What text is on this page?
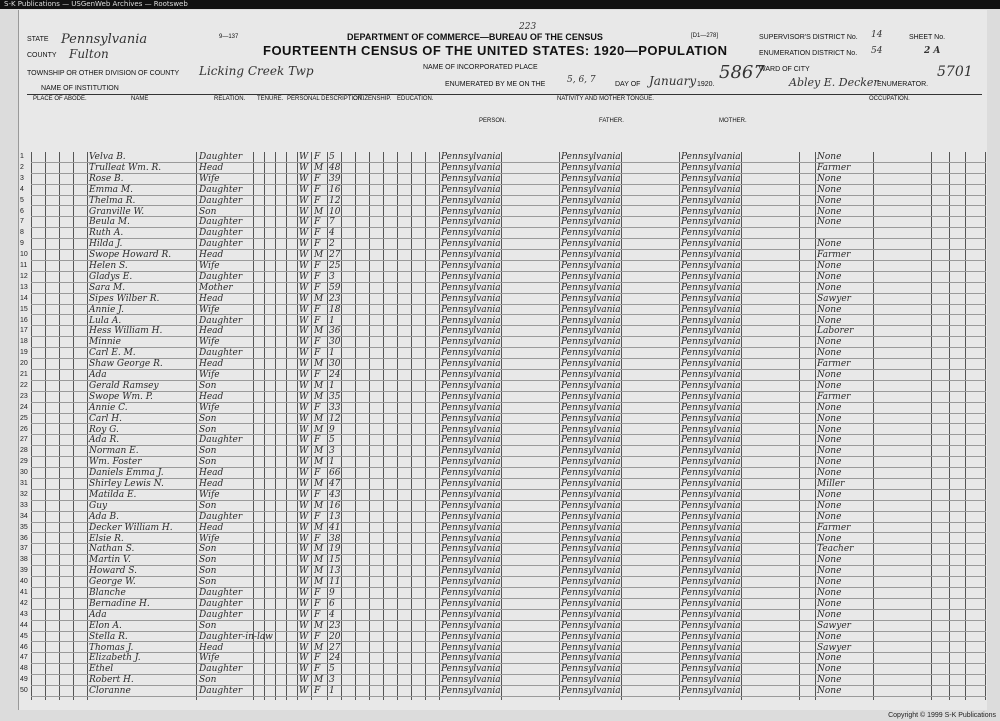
S-K Publications — USGenWeb Archives — Rootsweb
STATE Pennsylvania
COUNTY Fulton
TOWNSHIP OR OTHER DIVISION OF COUNTY Licking Creek Twp
NAME OF INSTITUTION
9—137	DEPARTMENT OF COMMERCE—BUREAU OF THE CENSUS	[D1—278]
223
FOURTEENTH CENSUS OF THE UNITED STATES: 1920—POPULATION
NAME OF INCORPORATED PLACE
ENUMERATED BY ME ON THE 5, 6, 7	DAY OF January 1920.
5867 Abley E. Decker
ENUMERATOR.
SUPERVISOR'S DISTRICT No. 14	SHEET No.
ENUMERATION DISTRICT No. 54	2 A
WARD OF CITY	5701
PLACE OF ABODE.	NAME	RELATION. TENURE. PERSONAL DESCRIPTION.
CITIZENSHIP. EDUCATION.	NATIVITY AND MOTHER TONGUE.
PERSON.	FATHER.	MOTHER.
OCCUPATION.
1	Velva B.	Daughter	W F 5	Pennsylvania	Pennsylvania	Pennsylvania	None
2	Trulleat Wm. R.	Head	W M 48	Pennsylvania	Pennsylvania	Pennsylvania	Farmer
3	Rose B.	Wife	W F 39	Pennsylvania	Pennsylvania	Pennsylvania	None
4	Emma M.	Daughter	W F 16	Pennsylvania	Pennsylvania	Pennsylvania	None
5	Thelma R.	Daughter	W F 12	Pennsylvania	Pennsylvania	Pennsylvania	None
6	Granville W.	Son	W M 10	Pennsylvania	Pennsylvania	Pennsylvania	None
7	Beula M.	Daughter	W F 7	Pennsylvania	Pennsylvania	Pennsylvania	None
8	Ruth A.	Daughter	W F 4	Pennsylvania	Pennsylvania	Pennsylvania
9	Hilda J.	Daughter	W F 2	Pennsylvania	Pennsylvania	Pennsylvania	None
10	Swope Howard R.	Head	W M 27	Pennsylvania	Pennsylvania	Pennsylvania	Farmer
11	Helen S.	Wife	W F 25	Pennsylvania	Pennsylvania	Pennsylvania	None
12	Gladys E.	Daughter	W F 3	Pennsylvania	Pennsylvania	Pennsylvania	None
13	Sara M.	Mother	W F 59	Pennsylvania	Pennsylvania	Pennsylvania	None
14	Sipes Wilber R.	Head	W M 23	Pennsylvania	Pennsylvania	Pennsylvania	Sawyer
15	Annie J.	Wife	W F 18	Pennsylvania	Pennsylvania	Pennsylvania	None
16	Lula A.	Daughter	W F 1	Pennsylvania	Pennsylvania	Pennsylvania	None
17	Hess William H.	Head	W M 36	Pennsylvania	Pennsylvania	Pennsylvania	Laborer
18	Minnie	Wife	W F 30	Pennsylvania	Pennsylvania	Pennsylvania	None
19	Carl E. M.	Daughter	W F 1	Pennsylvania	Pennsylvania	Pennsylvania	None
20	Shaw George R.	Head	W M 30	Pennsylvania	Pennsylvania	Pennsylvania	Farmer
21	Ada	Wife	W F 24	Pennsylvania	Pennsylvania	Pennsylvania	None
22	Gerald Ramsey	Son	W M 1	Pennsylvania	Pennsylvania	Pennsylvania	None
23	Swope Wm. P.	Head	W M 35	Pennsylvania	Pennsylvania	Pennsylvania	Farmer
24	Annie C.	Wife	W F 33	Pennsylvania	Pennsylvania	Pennsylvania	None
25	Carl H.	Son	W M 12	Pennsylvania	Pennsylvania	Pennsylvania	None
26	Roy G.	Son	W M 9	Pennsylvania	Pennsylvania	Pennsylvania	None
27	Ada R.	Daughter	W F 5	Pennsylvania	Pennsylvania	Pennsylvania	None
28	Norman E.	Son	W M 3	Pennsylvania	Pennsylvania	Pennsylvania	None
29	Wm. Foster	Son	W M 1	Pennsylvania	Pennsylvania	Pennsylvania	None
30	Daniels Emma J.	Head	W F 66	Pennsylvania	Pennsylvania	Pennsylvania	None
31	Shirley Lewis N.	Head	W M 47	Pennsylvania	Pennsylvania	Pennsylvania	Miller
32	Matilda E.	Wife	W F 43	Pennsylvania	Pennsylvania	Pennsylvania	None
33	Guy	Son	W M 16	Pennsylvania	Pennsylvania	Pennsylvania	None
34	Ada B.	Daughter	W F 13	Pennsylvania	Pennsylvania	Pennsylvania	None
35	Decker William H.	Head	W M 41	Pennsylvania	Pennsylvania	Pennsylvania	Farmer
36	Elsie R.	Wife	W F 38	Pennsylvania	Pennsylvania	Pennsylvania	None
37	Nathan S.	Son	W M 19	Pennsylvania	Pennsylvania	Pennsylvania	Teacher
38	Martin V.	Son	W M 15	Pennsylvania	Pennsylvania	Pennsylvania	None
39	Howard S.	Son	W M 13	Pennsylvania	Pennsylvania	Pennsylvania	None
40	George W.	Son	W M 11	Pennsylvania	Pennsylvania	Pennsylvania	None
41	Blanche	Daughter	W F 9	Pennsylvania	Pennsylvania	Pennsylvania	None
42	Bernadine H.	Daughter	W F 6	Pennsylvania	Pennsylvania	Pennsylvania	None
43	Ada	Daughter	W F 4	Pennsylvania	Pennsylvania	Pennsylvania	None
44	Elon A.	Son	W M 23	Pennsylvania	Pennsylvania	Pennsylvania	Sawyer
45	Stella R.	Daughter-in-law	W F 20	Pennsylvania	Pennsylvania	Pennsylvania	None
46	Thomas J.	Head	W M 27	Pennsylvania	Pennsylvania	Pennsylvania	Sawyer
47	Elizabeth J.	Wife	W F 24	Pennsylvania	Pennsylvania	Pennsylvania	None
48	Ethel	Daughter	W F 5	Pennsylvania	Pennsylvania	Pennsylvania	None
49	Robert H.	Son	W M 3	Pennsylvania	Pennsylvania	Pennsylvania	None
50	Cloranne	Daughter	W F 1	Pennsylvania	Pennsylvania	Pennsylvania	None
Copyright © 1999 S-K Publications
